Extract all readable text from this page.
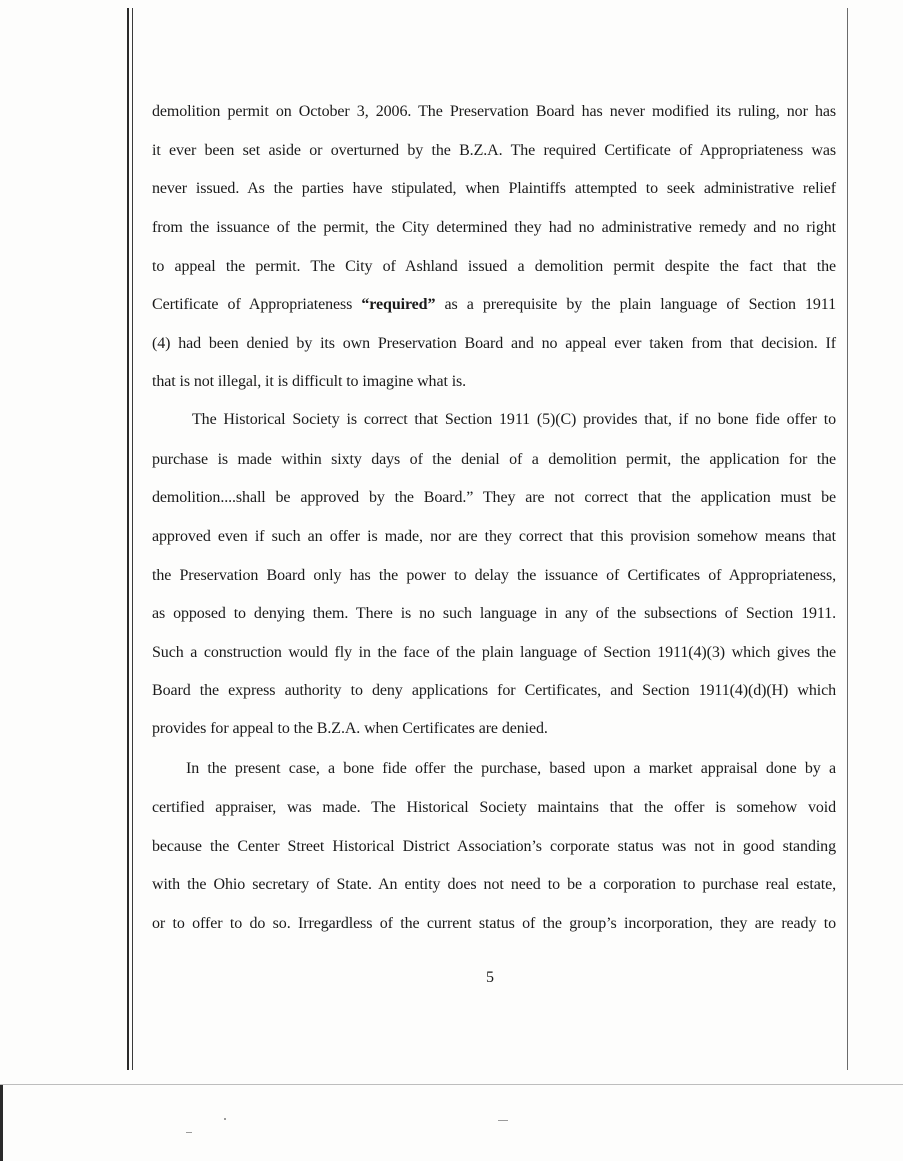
demolition permit on October 3, 2006. The Preservation Board has never modified its ruling, nor has
it ever been set aside or overturned by the B.Z.A. The required Certificate of Appropriateness was
never issued. As the parties have stipulated, when Plaintiffs attempted to seek administrative relief
from the issuance of the permit, the City determined they had no administrative remedy and no right
to appeal the permit. The City of Ashland issued a demolition permit despite the fact that the
Certificate of Appropriateness “required” as a prerequisite by the plain language of Section 1911
(4) had been denied by its own Preservation Board and no appeal ever taken from that decision. If
that is not illegal, it is difficult to imagine what is.
The Historical Society is correct that Section 1911 (5)(C) provides that, if no bone fide offer to
purchase is made within sixty days of the denial of a demolition permit, the application for the
demolition....shall be approved by the Board.” They are not correct that the application must be
approved even if such an offer is made, nor are they correct that this provision somehow means that
the Preservation Board only has the power to delay the issuance of Certificates of Appropriateness,
as opposed to denying them. There is no such language in any of the subsections of Section 1911.
Such a construction would fly in the face of the plain language of Section 1911(4)(3) which gives the
Board the express authority to deny applications for Certificates, and Section 1911(4)(d)(H) which
provides for appeal to the B.Z.A. when Certificates are denied.
In the present case, a bone fide offer the purchase, based upon a market appraisal done by a
certified appraiser, was made. The Historical Society maintains that the offer is somehow void
because the Center Street Historical District Association’s corporate status was not in good standing
with the Ohio secretary of State. An entity does not need to be a corporation to purchase real estate,
or to offer to do so. Irregardless of the current status of the group’s incorporation, they are ready to
5
